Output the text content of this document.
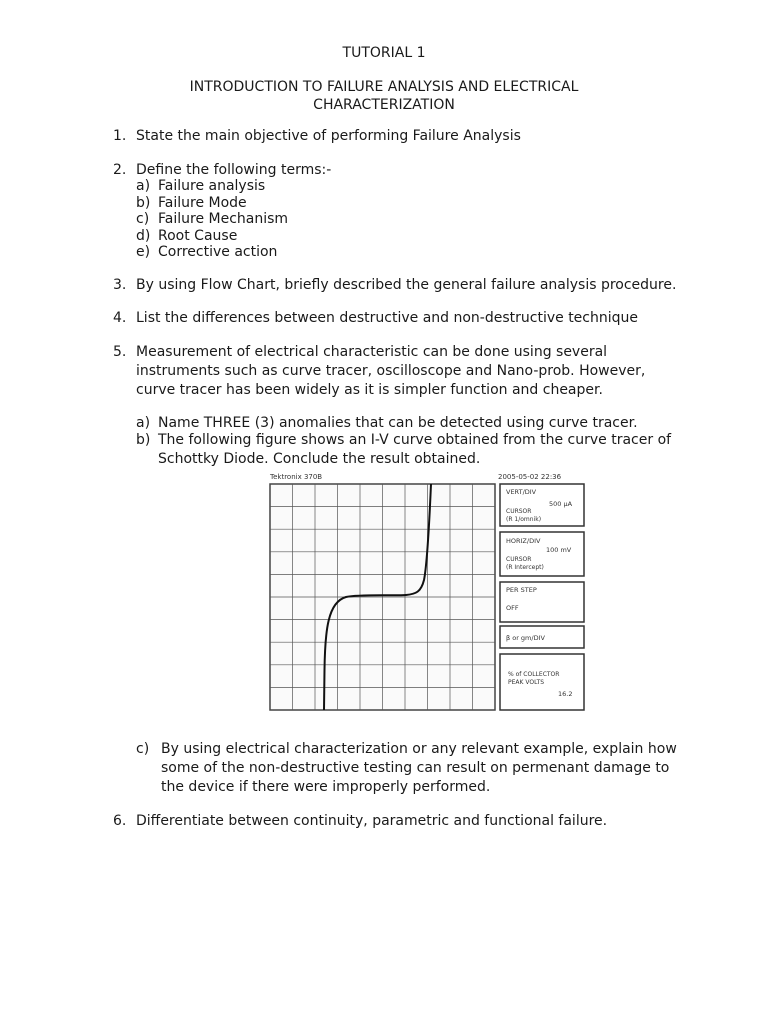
TUTORIAL 1
INTRODUCTION TO FAILURE ANALYSIS AND ELECTRICAL
CHARACTERIZATION
1. State the main objective of performing Failure Analysis
2. Define the following terms:-
a) Failure analysis
b) Failure Mode
c) Failure Mechanism
d) Root Cause
e) Corrective action
3. By using Flow Chart, briefly described the general failure analysis procedure.
4. List the differences between destructive and non-destructive technique
5. Measurement of electrical characteristic can be done using several
instruments such as curve tracer, oscilloscope and Nano-prob. However,
curve tracer has been widely as it is simpler function and cheaper.
a) Name THREE (3) anomalies that can be detected using curve tracer.
b) The following figure shows an I-V curve obtained from the curve tracer of
Schottky Diode. Conclude the result obtained.
Tektronix 370B	2005-05-02 22:36
VERT/DIV
500 µA
CURSOR
(R 1/omnik)
HORIZ/DIV
100 mV
CURSOR
(R Intercept)
PER STEP
OFF
β or gm/DIV
% of COLLECTOR
PEAK VOLTS
16.2
c) By using electrical characterization or any relevant example, explain how
some of the non-destructive testing can result on permenant damage to
the device if there were improperly performed.
6. Differentiate between continuity, parametric and functional failure.
